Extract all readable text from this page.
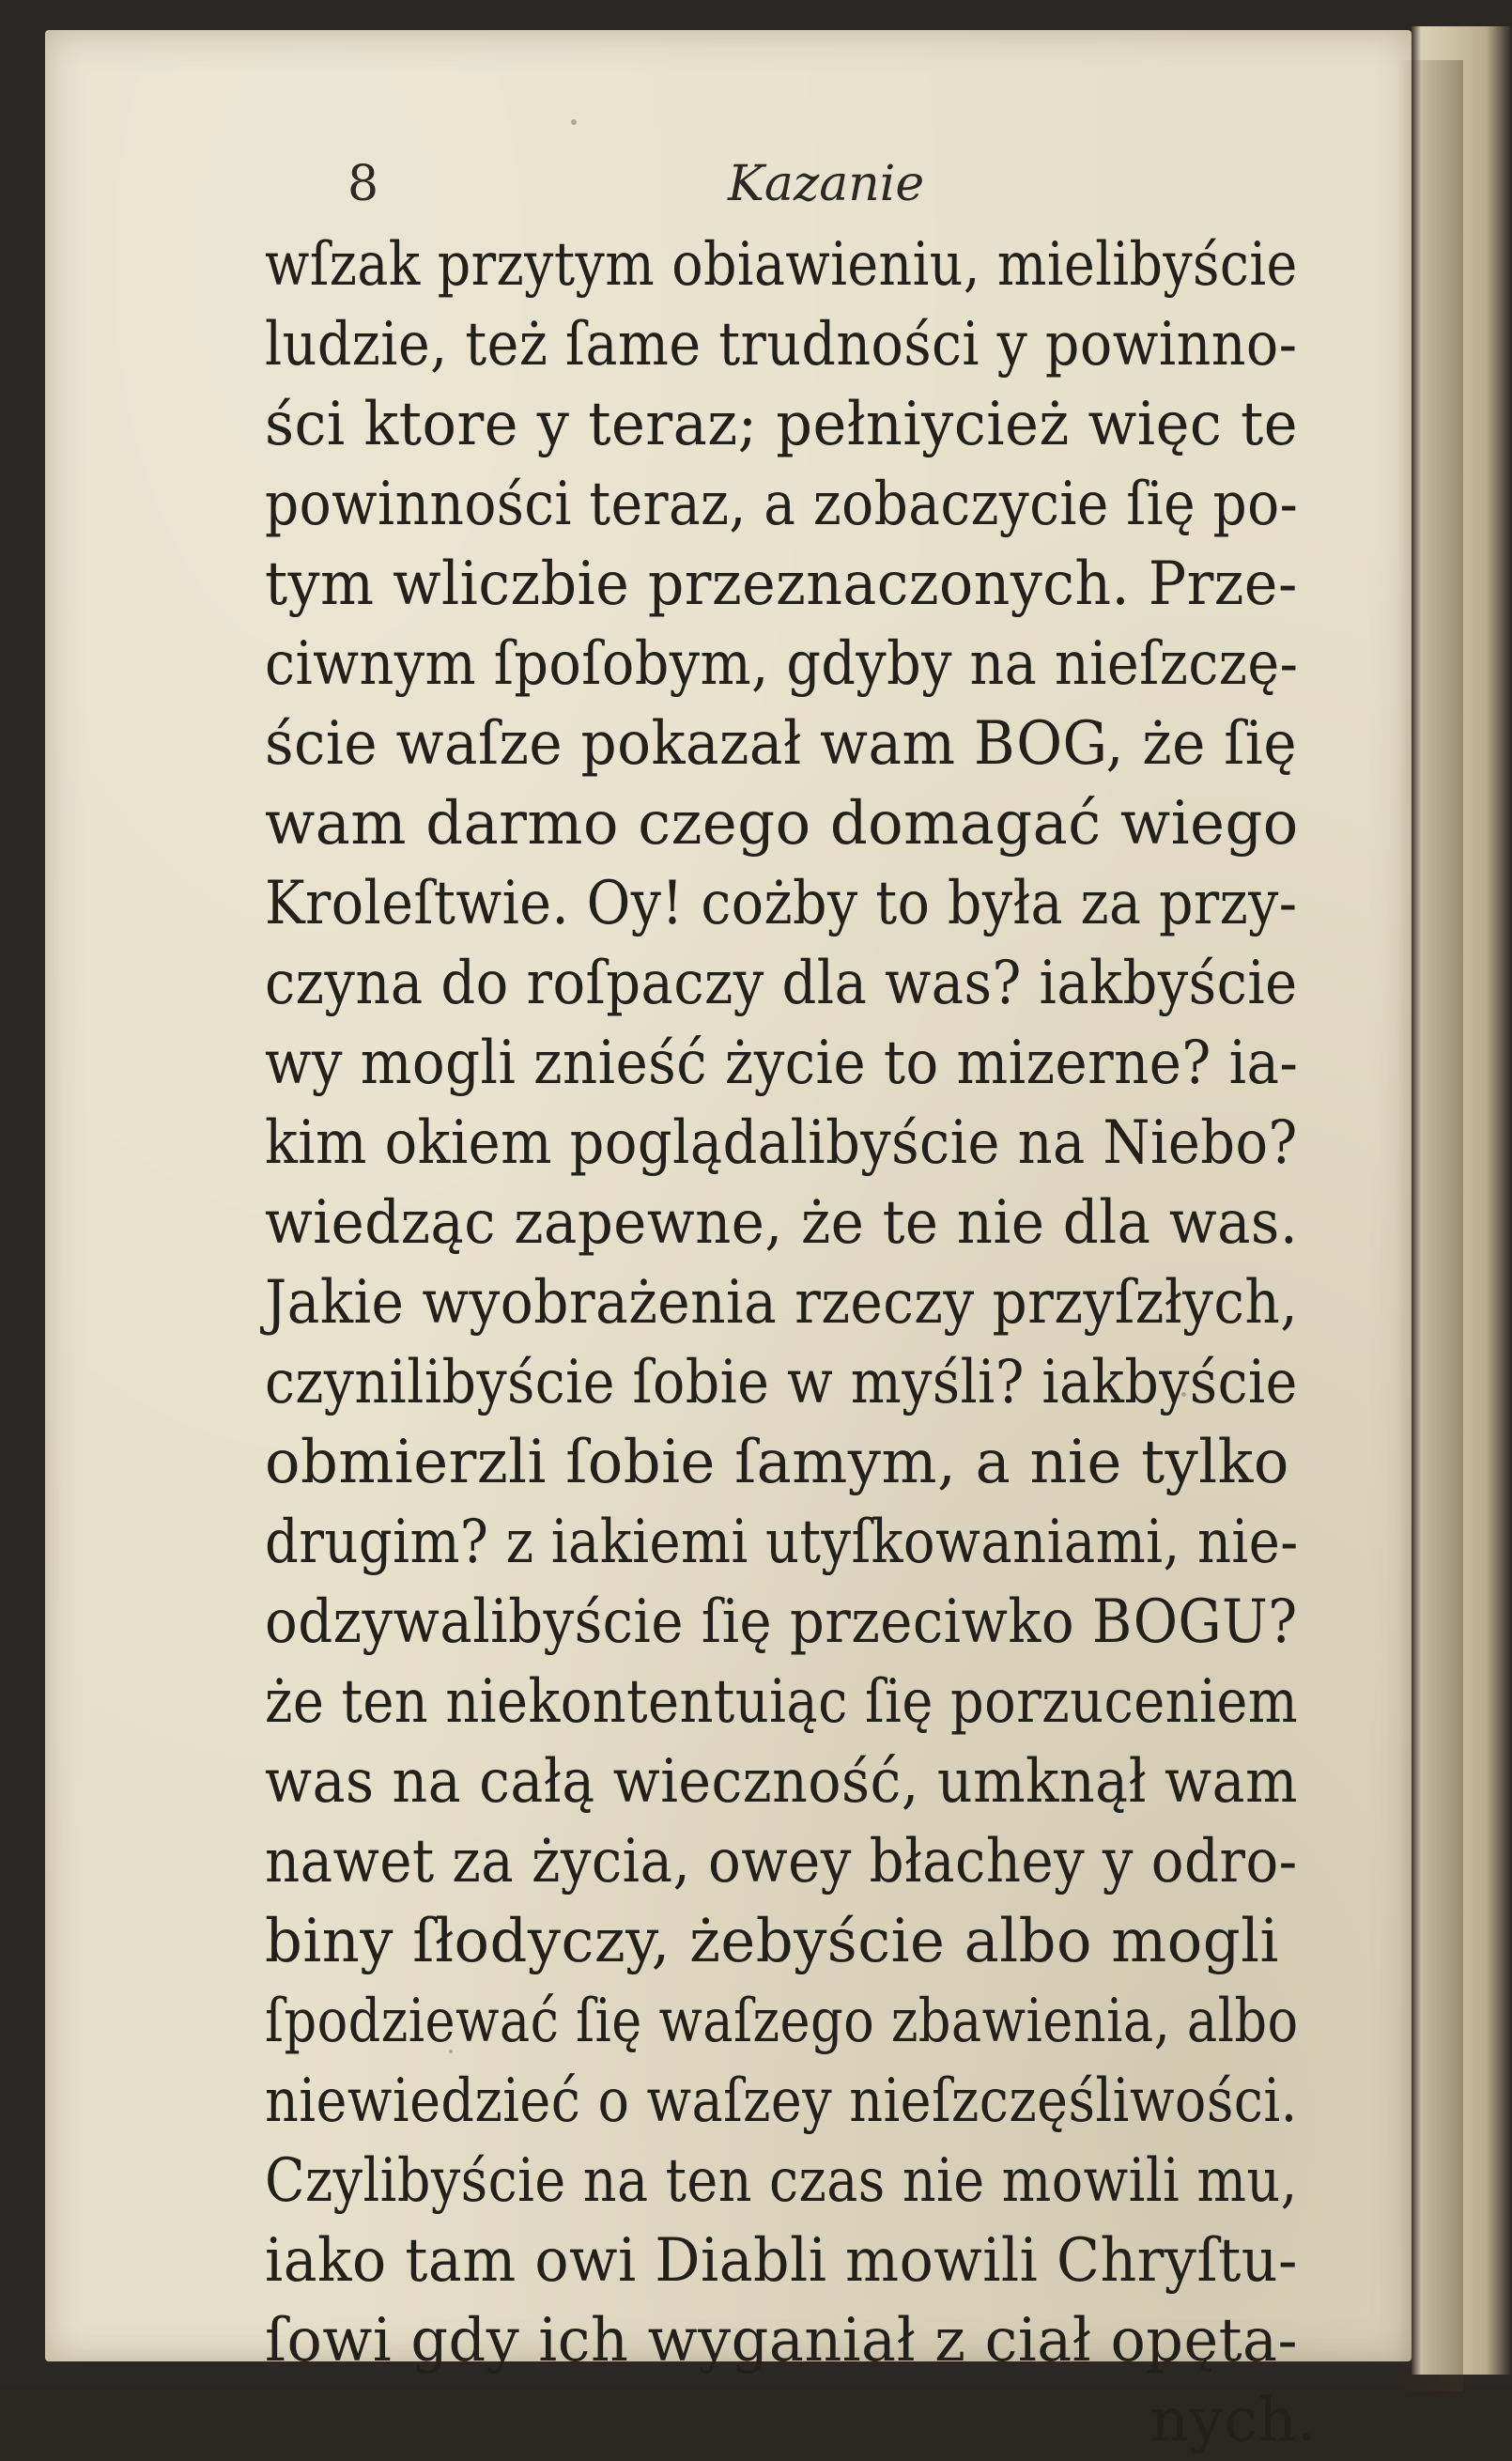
8	Kazanie
wſzak przytym obiawieniu, mielibyście
ludzie, też ſame trudności y powinno-
ści ktore y teraz; pełniycież więc te
powinności teraz, a zobaczycie ſię po-
tym wliczbie przeznaczonych. Prze-
ciwnym ſpoſobym, gdyby na nieſzczę-
ście waſze pokazał wam BOG, że ſię
wam darmo czego domagać wiego
Kroleſtwie. Oy! cożby to była za przy-
czyna do roſpaczy dla was? iakbyście
wy mogli znieść życie to mizerne? ia-
kim okiem poglądalibyście na Niebo?
wiedząc zapewne, że te nie dla was.
Jakie wyobrażenia rzeczy przyſzłych,
czynilibyście ſobie w myśli? iakbyście
obmierzli ſobie ſamym, a nie tylko
drugim? z iakiemi utyſkowaniami, nie-
odzywalibyście ſię przeciwko BOGU?
że ten niekontentuiąc ſię porzuceniem
was na całą wieczność, umknął wam
nawet za życia, owey błachey y odro-
biny ſłodyczy, żebyście albo mogli
ſpodziewać ſię waſzego zbawienia, albo
niewiedzieć o waſzey nieſzczęśliwości.
Czylibyście na ten czas nie mowili mu,
iako tam owi Diabli mowili Chryſtu-
ſowi gdy ich wyganiał z ciał opęta-
nych.
